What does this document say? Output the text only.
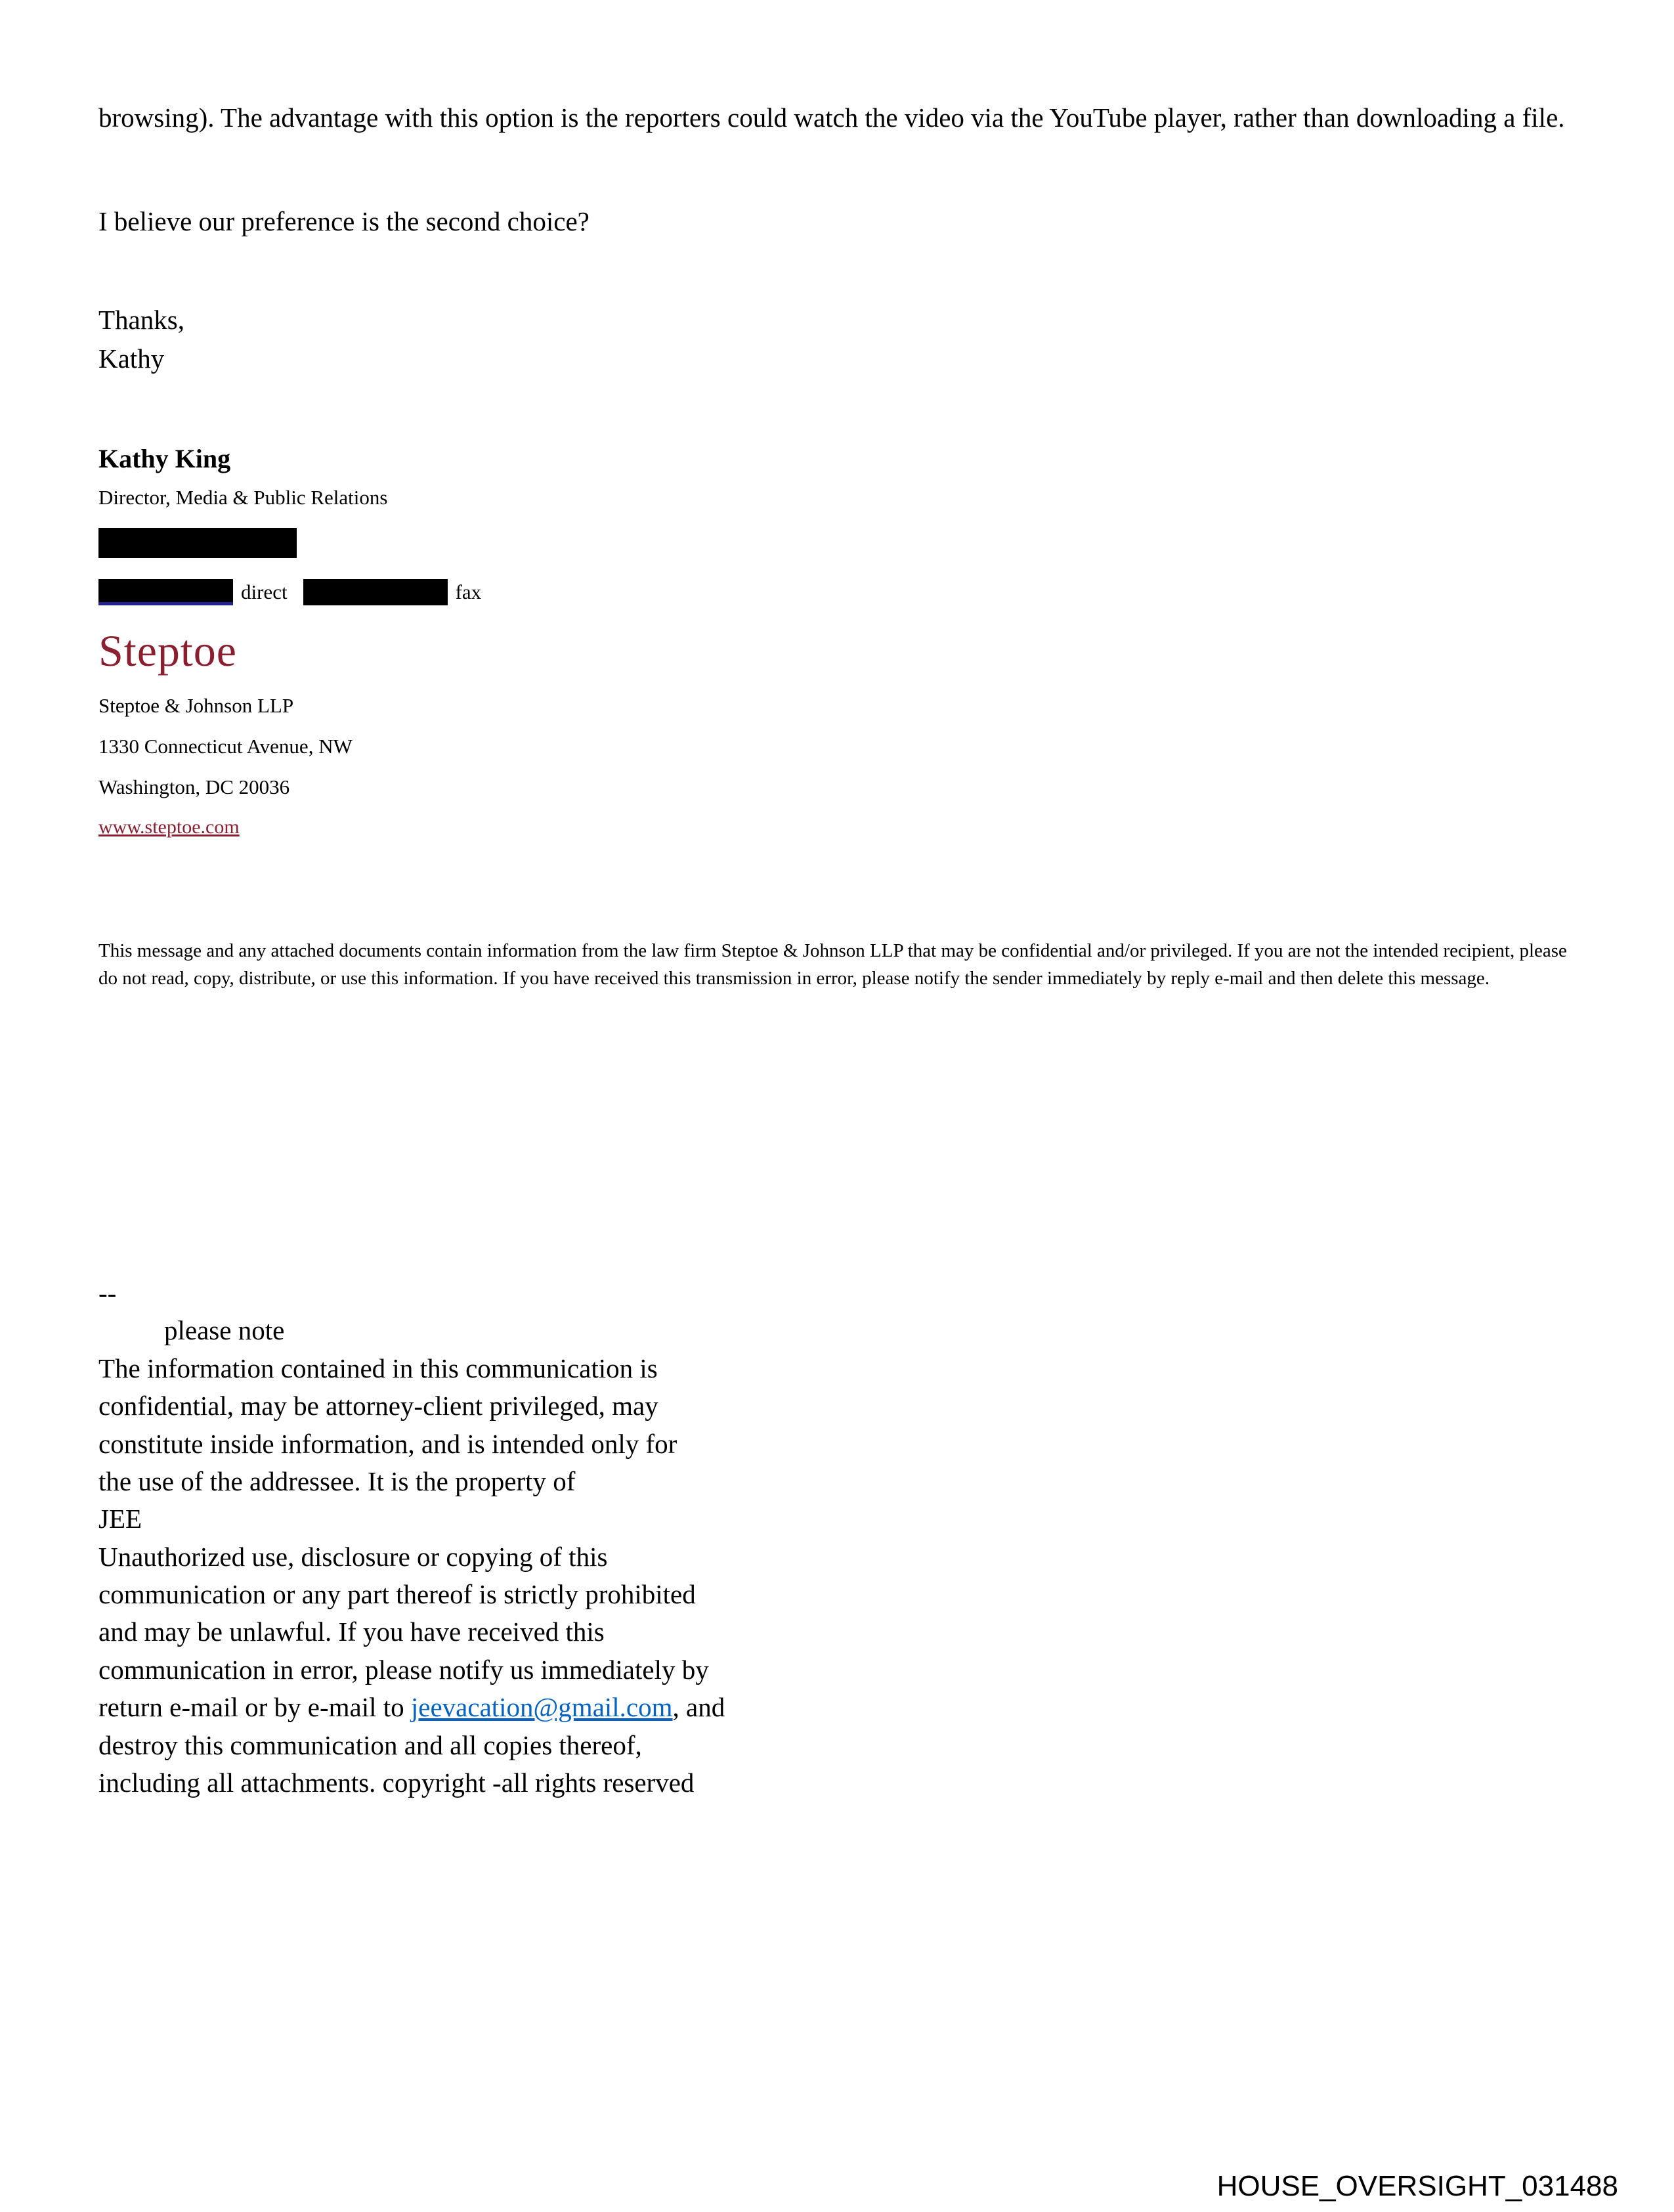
browsing). The advantage with this option is the reporters could watch the video via the YouTube player, rather than downloading a file.

I believe our preference is the second choice?

Thanks,
Kathy
Kathy King
Director, Media & Public Relations
direct	fax
Steptoe
Steptoe & Johnson LLP
1330 Connecticut Avenue, NW
Washington, DC 20036
www.steptoe.com

This message and any attached documents contain information from the law firm Steptoe & Johnson LLP that may be confidential and/or privileged. If you are not the intended recipient, please do not read, copy, distribute, or use this information. If you have received this transmission in error, please notify the sender immediately by reply e-mail and then delete this message.

--
please note
The information contained in this communication is
confidential, may be attorney-client privileged, may
constitute inside information, and is intended only for
the use of the addressee. It is the property of
JEE
Unauthorized use, disclosure or copying of this
communication or any part thereof is strictly prohibited
and may be unlawful. If you have received this
communication in error, please notify us immediately by
return e-mail or by e-mail to jeevacation@gmail.com, and
destroy this communication and all copies thereof,
including all attachments. copyright -all rights reserved
HOUSE_OVERSIGHT_031488
